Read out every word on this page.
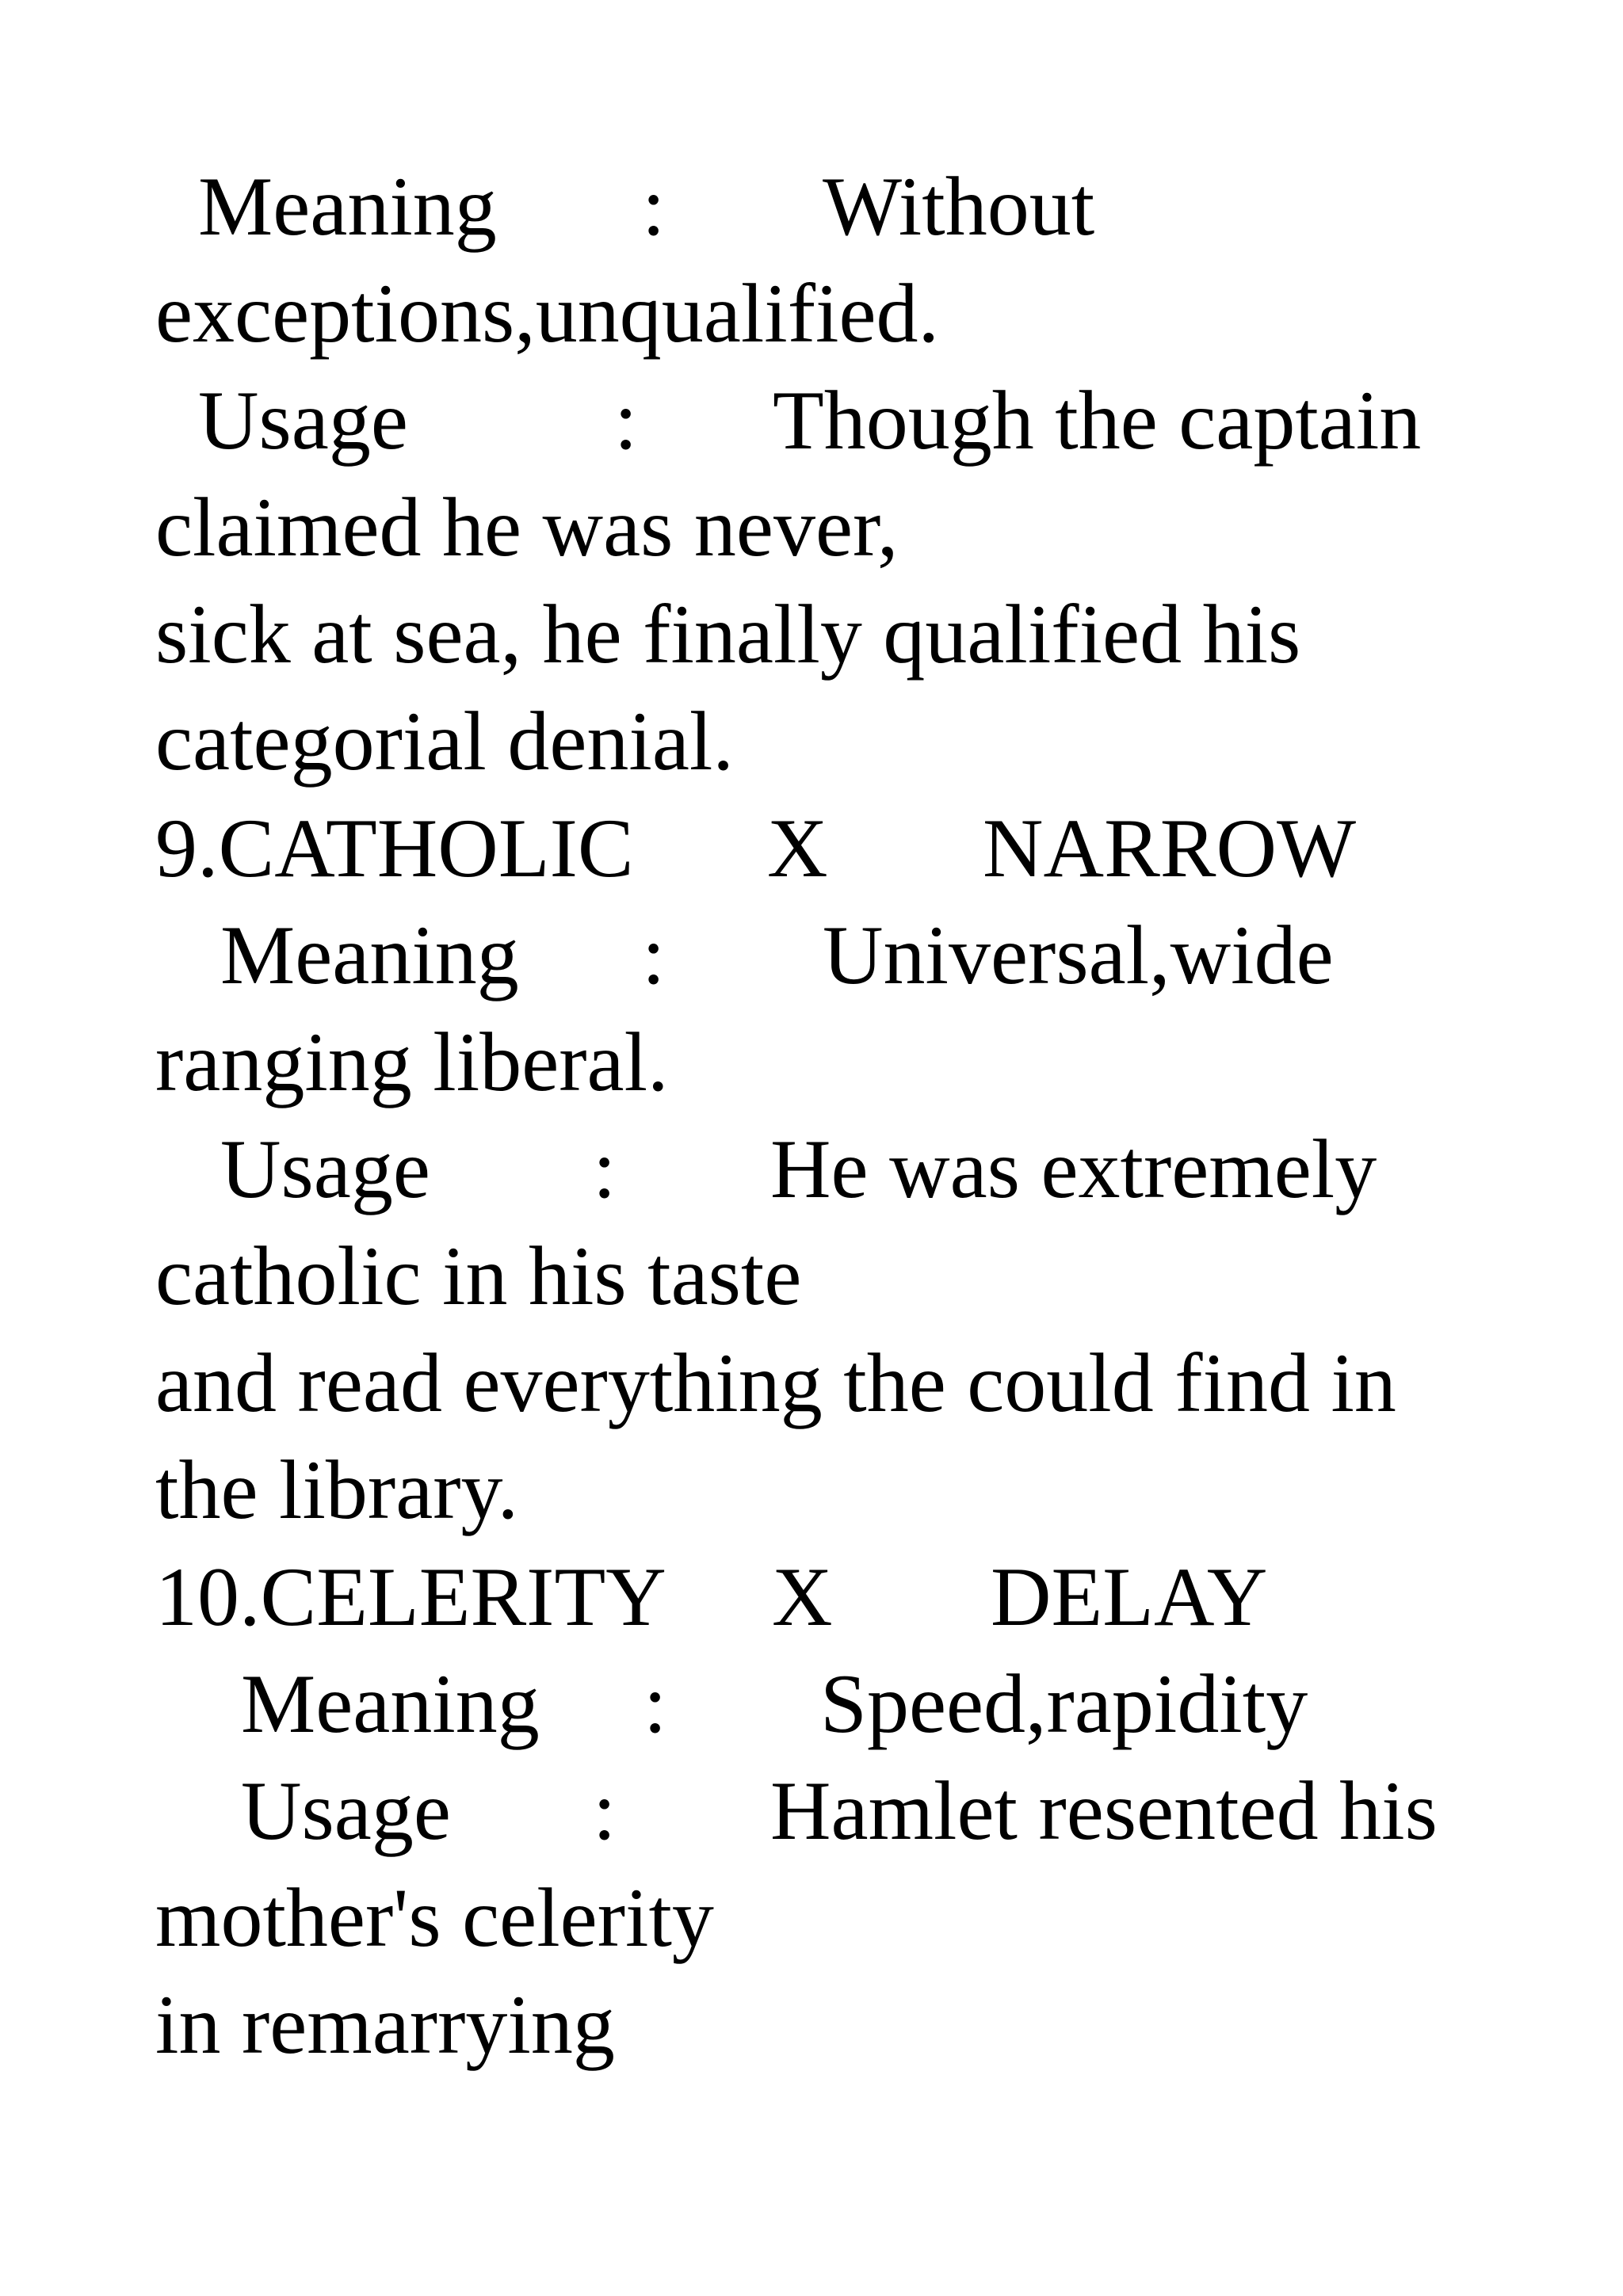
Meaning : Without
exceptions,unqualified.
Usage : Though the captain
claimed he was never,
sick at sea, he finally qualified his
categorial denial.
9.CATHOLIC X NARROW
Meaning : Universal,wide
ranging liberal.
Usage : He was extremely
catholic in his taste
and read everything the could find in
the library.
10.CELERITY X DELAY
Meaning : Speed,rapidity
Usage : Hamlet resented his
mother's celerity
in remarrying
